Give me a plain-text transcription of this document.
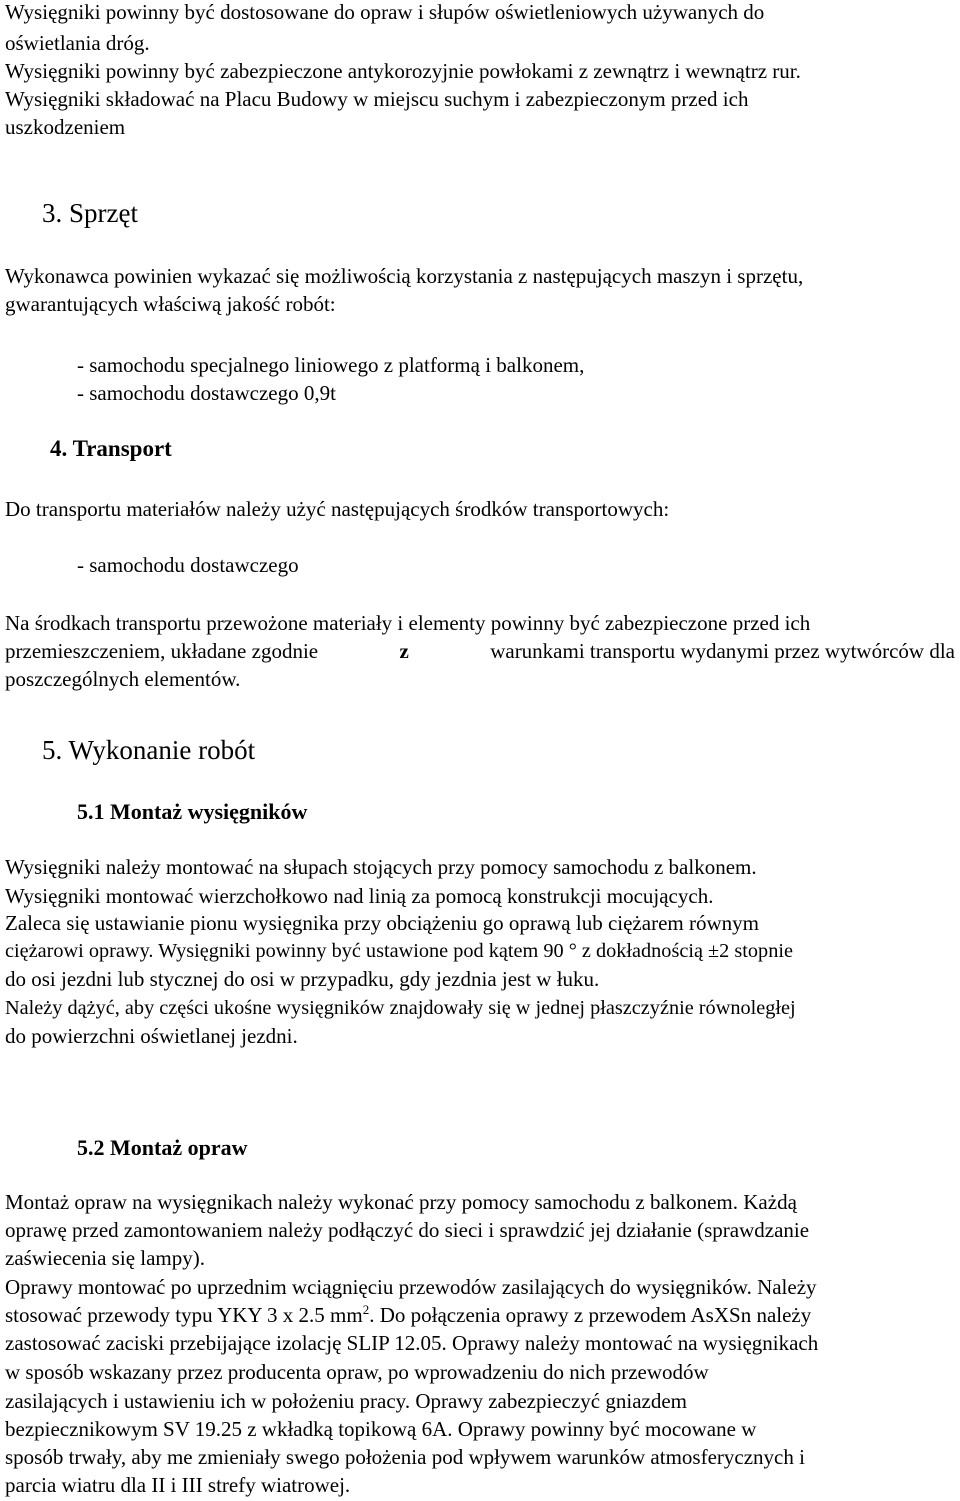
Wysięgniki powinny być dostosowane do opraw i słupów oświetleniowych używanych do
oświetlania dróg.
Wysięgniki powinny być zabezpieczone antykorozyjnie powłokami z zewnątrz i wewnątrz rur.
Wysięgniki składować na Placu Budowy w miejscu suchym i zabezpieczonym przed ich
uszkodzeniem
3. Sprzęt
Wykonawca powinien wykazać się możliwością korzystania z następujących maszyn i sprzętu,
gwarantujących właściwą jakość robót:
- samochodu specjalnego liniowego z platformą i balkonem,
- samochodu dostawczego 0,9t
4. Transport
Do transportu materiałów należy użyć następujących środków transportowych:
- samochodu dostawczego
Na środkach transportu przewożone materiały i elementy powinny być zabezpieczone przed ich
przemieszczeniem, układane zgodnie	z	warunkami transportu wydanymi przez wytwórców dla
poszczególnych elementów.
5. Wykonanie robót
5.1 Montaż wysięgników
Wysięgniki należy montować na słupach stojących przy pomocy samochodu z balkonem.
Wysięgniki montować wierzchołkowo nad linią za pomocą konstrukcji mocujących.
Zaleca się ustawianie pionu wysięgnika przy obciążeniu go oprawą lub ciężarem równym
ciężarowi oprawy. Wysięgniki powinny być ustawione pod kątem 90 ° z dokładnością ±2 stopnie
do osi jezdni lub stycznej do osi w przypadku, gdy jezdnia jest w łuku.
Należy dążyć, aby części ukośne wysięgników znajdowały się w jednej płaszczyźnie równoległej
do powierzchni oświetlanej jezdni.
5.2 Montaż opraw
Montaż opraw na wysięgnikach należy wykonać przy pomocy samochodu z balkonem. Każdą
oprawę przed zamontowaniem należy podłączyć do sieci i sprawdzić jej działanie (sprawdzanie
zaświecenia się lampy).
Oprawy montować po uprzednim wciągnięciu przewodów zasilających do wysięgników. Należy
stosować przewody typu YKY 3 x 2.5 $mm^2$. Do połączenia oprawy z przewodem AsXSn należy
zastosować zaciski przebijające izolację SLIP 12.05. Oprawy należy montować na wysięgnikach
w sposób wskazany przez producenta opraw, po wprowadzeniu do nich przewodów
zasilających i ustawieniu ich w położeniu pracy. Oprawy zabezpieczyć gniazdem
bezpiecznikowym SV 19.25 z wkładką topikową 6A. Oprawy powinny być mocowane w
sposób trwały, aby me zmieniały swego położenia pod wpływem warunków atmosferycznych i
parcia wiatru dla II i III strefy wiatrowej.
